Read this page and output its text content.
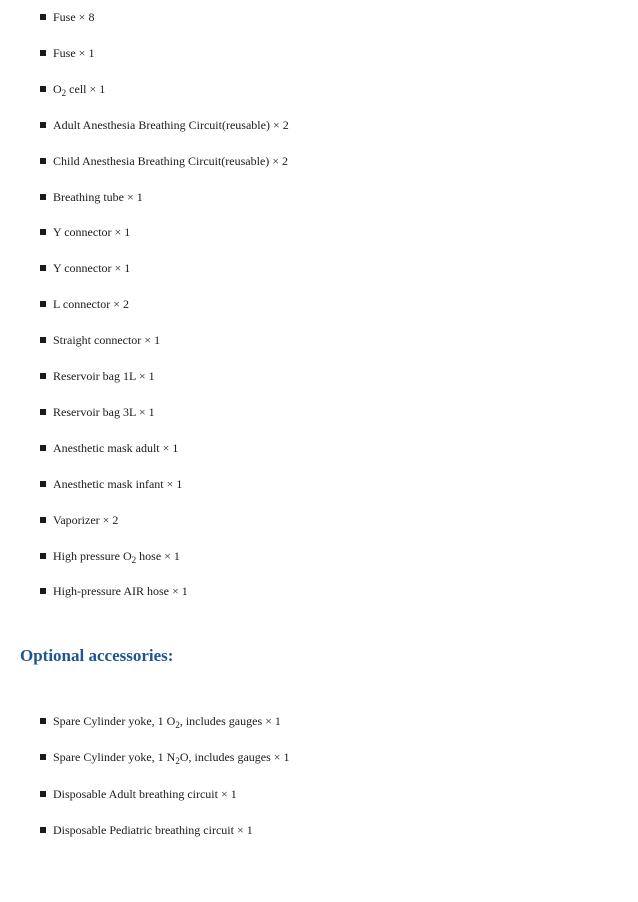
Fuse × 8
Fuse × 1
$O_2$ cell × 1
Adult Anesthesia Breathing Circuit(reusable) × 2
Child Anesthesia Breathing Circuit(reusable) × 2
Breathing tube × 1
Y connector × 1
Y connector × 1
L connector × 2
Straight connector × 1
Reservoir bag 1L × 1
Reservoir bag 3L × 1
Anesthetic mask adult × 1
Anesthetic mask infant × 1
Vaporizer × 2
High pressure $O_2$ hose × 1
High-pressure AIR hose × 1
Optional accessories:
Spare Cylinder yoke, 1 $O_2$, includes gauges × 1
Spare Cylinder yoke, 1 $N_2O$, includes gauges × 1
Disposable Adult breathing circuit × 1
Disposable Pediatric breathing circuit × 1
